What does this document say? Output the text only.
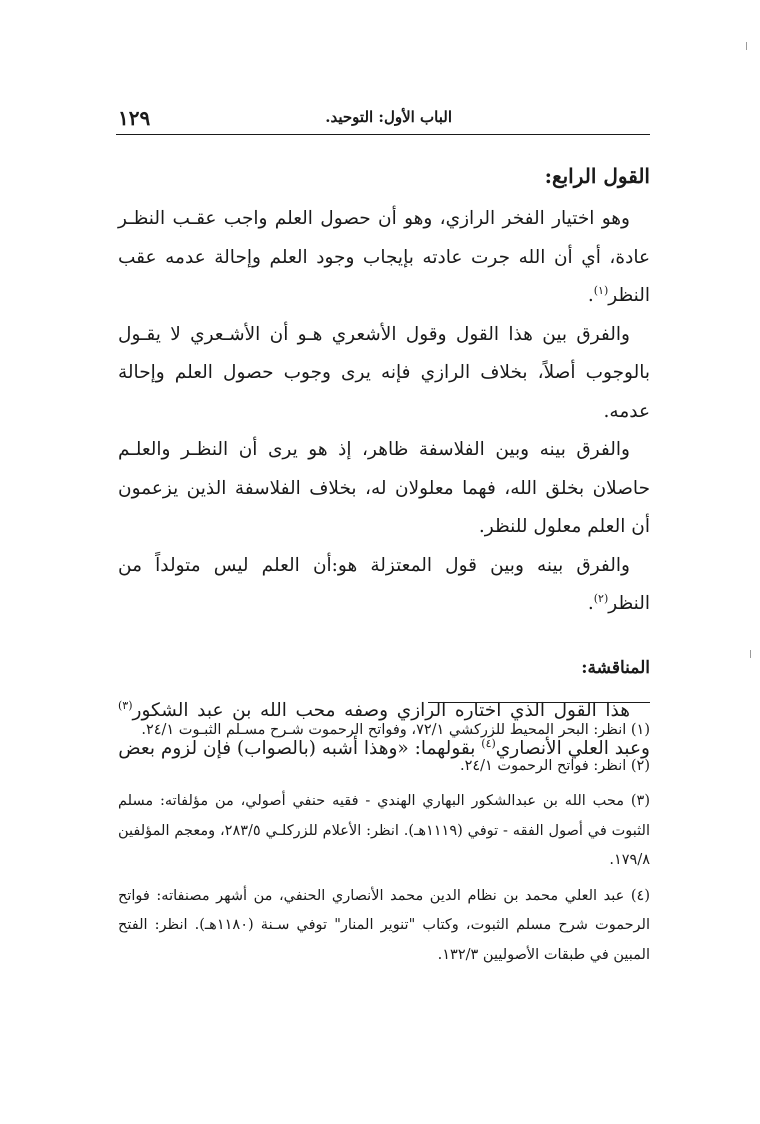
١٢٩	الباب الأول: التوحيد.
القول الرابع:

وهو اختيار الفخر الرازي، وهو أن حصول العلم واجب عقـب النظـر عادة، أي أن الله جرت عادته بإيجاب وجود العلم وإحالة عدمه عقب النظر$^{(١)}$.

والفرق بين هذا القول وقول الأشعري هـو أن الأشـعري لا يقـول بالوجوب أصلاً، بخلاف الرازي فإنه يرى وجوب حصول العلم وإحالة عدمه.

والفرق بينه وبين الفلاسفة ظاهر، إذ هو يرى أن النظـر والعلـم حاصلان بخلق الله، فهما معلولان له، بخلاف الفلاسفة الذين يزعمون أن العلم معلول للنظر.

والفرق بينه وبين قول المعتزلة هو:أن العلم ليس متولداً من النظر$^{(٢)}$.

المناقشة:

هذا القول الذي اختاره الرازي وصفه محب الله بن عبد الشكور$^{(٣)}$ وعبد العلي الأنصاري$^{(٤)}$ بقولهما: «وهذا أشبه (بالصواب) فإن لزوم بعض

(١) انظر: البحر المحيط للزركشي ٧٢/١، وفواتح الرحموت شـرح مسـلم الثبـوت ٢٤/١.

(٢) انظر: فواتح الرحموت ٢٤/١.

(٣) محب الله بن عبدالشكور البهاري الهندي - فقيه حنفي أصولي، من مؤلفاته: مسلم الثبوت في أصول الفقه - توفي (١١١٩هـ). انظر: الأعلام للزركلـي ٢٨٣/٥، ومعجم المؤلفين ١٧٩/٨.

(٤) عبد العلي محمد بن نظام الدين محمد الأنصاري الحنفي، من أشهر مصنفاته: فواتح الرحموت شرح مسلم الثبوت، وكتاب "تنوير المنار" توفي سـنة (١١٨٠هـ). انظر: الفتح المبين في طبقات الأصوليين ١٣٢/٣.
